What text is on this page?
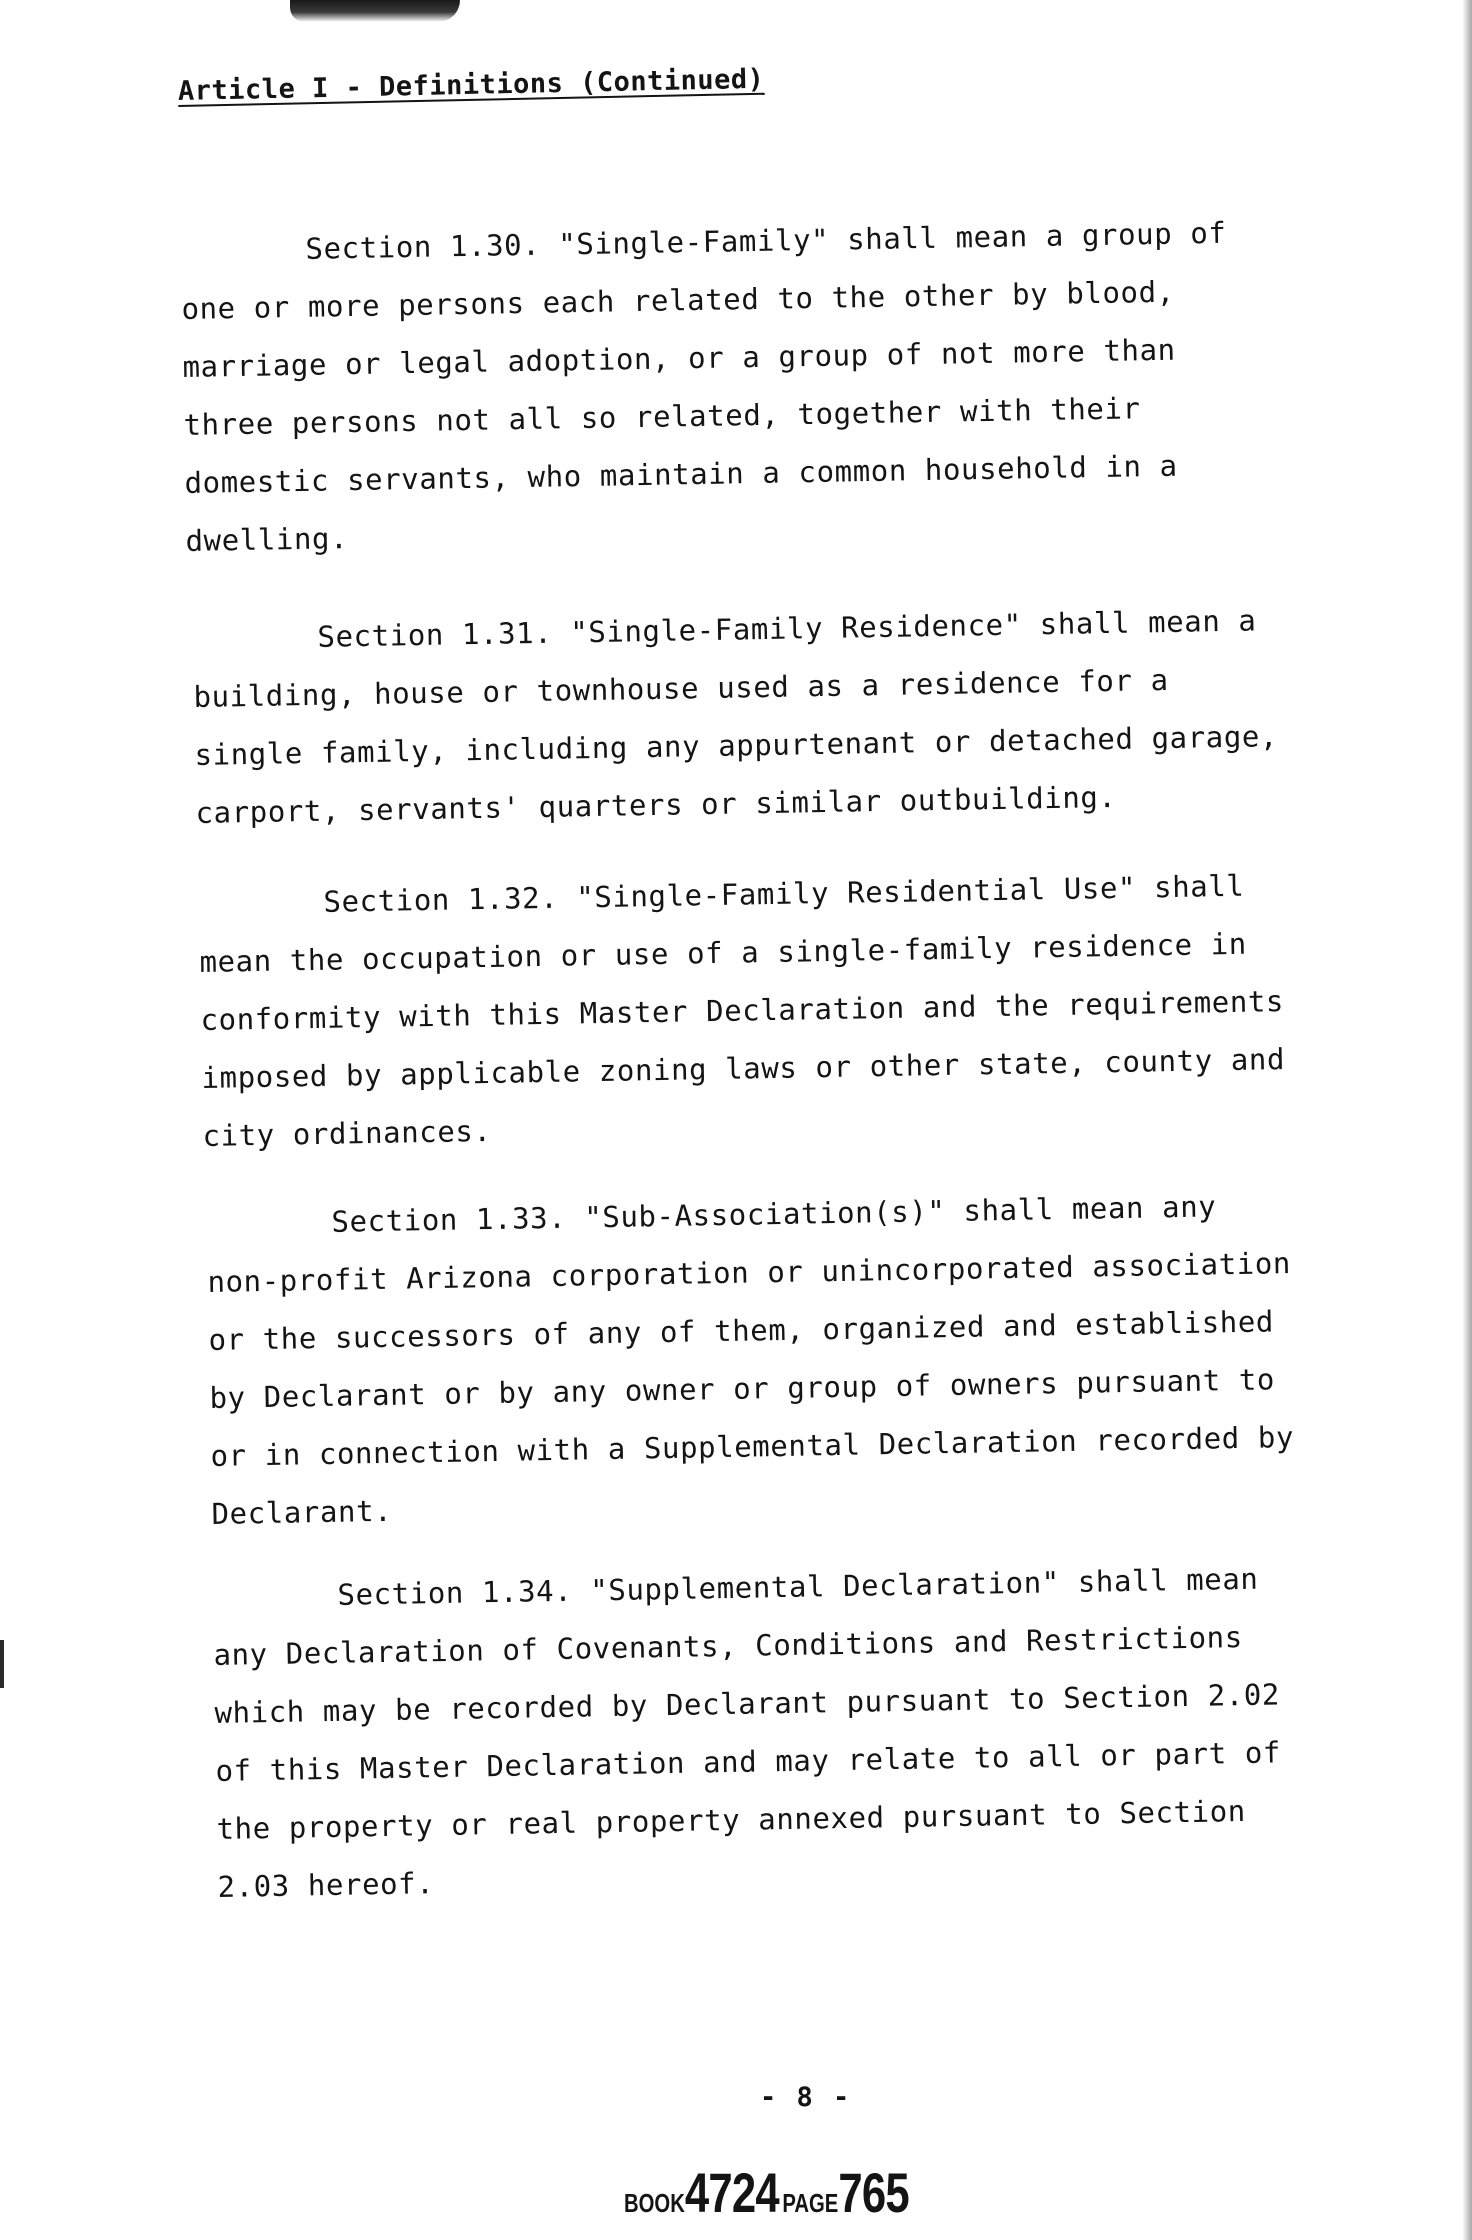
Article I - Definitions (Continued)

Section 1.30. "Single-Family" shall mean a group of one or more persons each related to the other by blood, marriage or legal adoption, or a group of not more than three persons not all so related, together with their domestic servants, who maintain a common household in a dwelling.

Section 1.31. "Single-Family Residence" shall mean a building, house or townhouse used as a residence for a single family, including any appurtenant or detached garage, carport, servants' quarters or similar outbuilding.

Section 1.32. "Single-Family Residential Use" shall mean the occupation or use of a single-family residence in conformity with this Master Declaration and the requirements imposed by applicable zoning laws or other state, county and city ordinances.

Section 1.33. "Sub-Association(s)" shall mean any non-profit Arizona corporation or unincorporated association or the successors of any of them, organized and established by Declarant or by any owner or group of owners pursuant to or in connection with a Supplemental Declaration recorded by Declarant.

Section 1.34. "Supplemental Declaration" shall mean any Declaration of Covenants, Conditions and Restrictions which may be recorded by Declarant pursuant to Section 2.02 of this Master Declaration and may relate to all or part of the property or real property annexed pursuant to Section 2.03 hereof.

- 8 -
BOOK4724 PAGE765
